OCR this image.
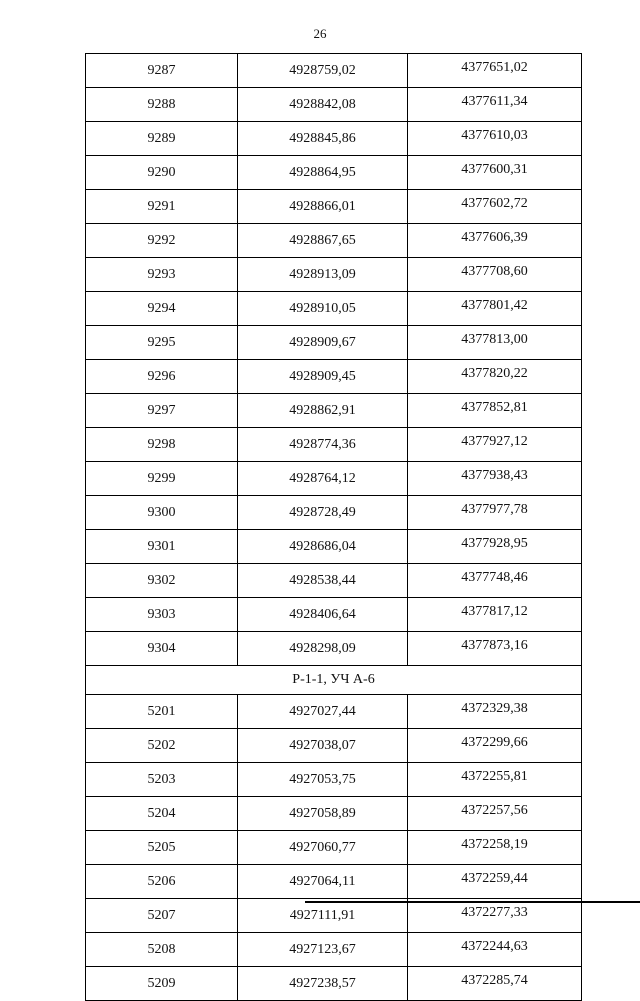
26
9287	4928759,02	4377651,02
9288	4928842,08	4377611,34
9289	4928845,86	4377610,03
9290	4928864,95	4377600,31
9291	4928866,01	4377602,72
9292	4928867,65	4377606,39
9293	4928913,09	4377708,60
9294	4928910,05	4377801,42
9295	4928909,67	4377813,00
9296	4928909,45	4377820,22
9297	4928862,91	4377852,81
9298	4928774,36	4377927,12
9299	4928764,12	4377938,43
9300	4928728,49	4377977,78
9301	4928686,04	4377928,95
9302	4928538,44	4377748,46
9303	4928406,64	4377817,12
9304	4928298,09	4377873,16
Р-1-1, УЧ А-6		
5201	4927027,44	4372329,38
5202	4927038,07	4372299,66
5203	4927053,75	4372255,81
5204	4927058,89	4372257,56
5205	4927060,77	4372258,19
5206	4927064,11	4372259,44
5207	4927111,91	4372277,33
5208	4927123,67	4372244,63
5209	4927238,57	4372285,74
